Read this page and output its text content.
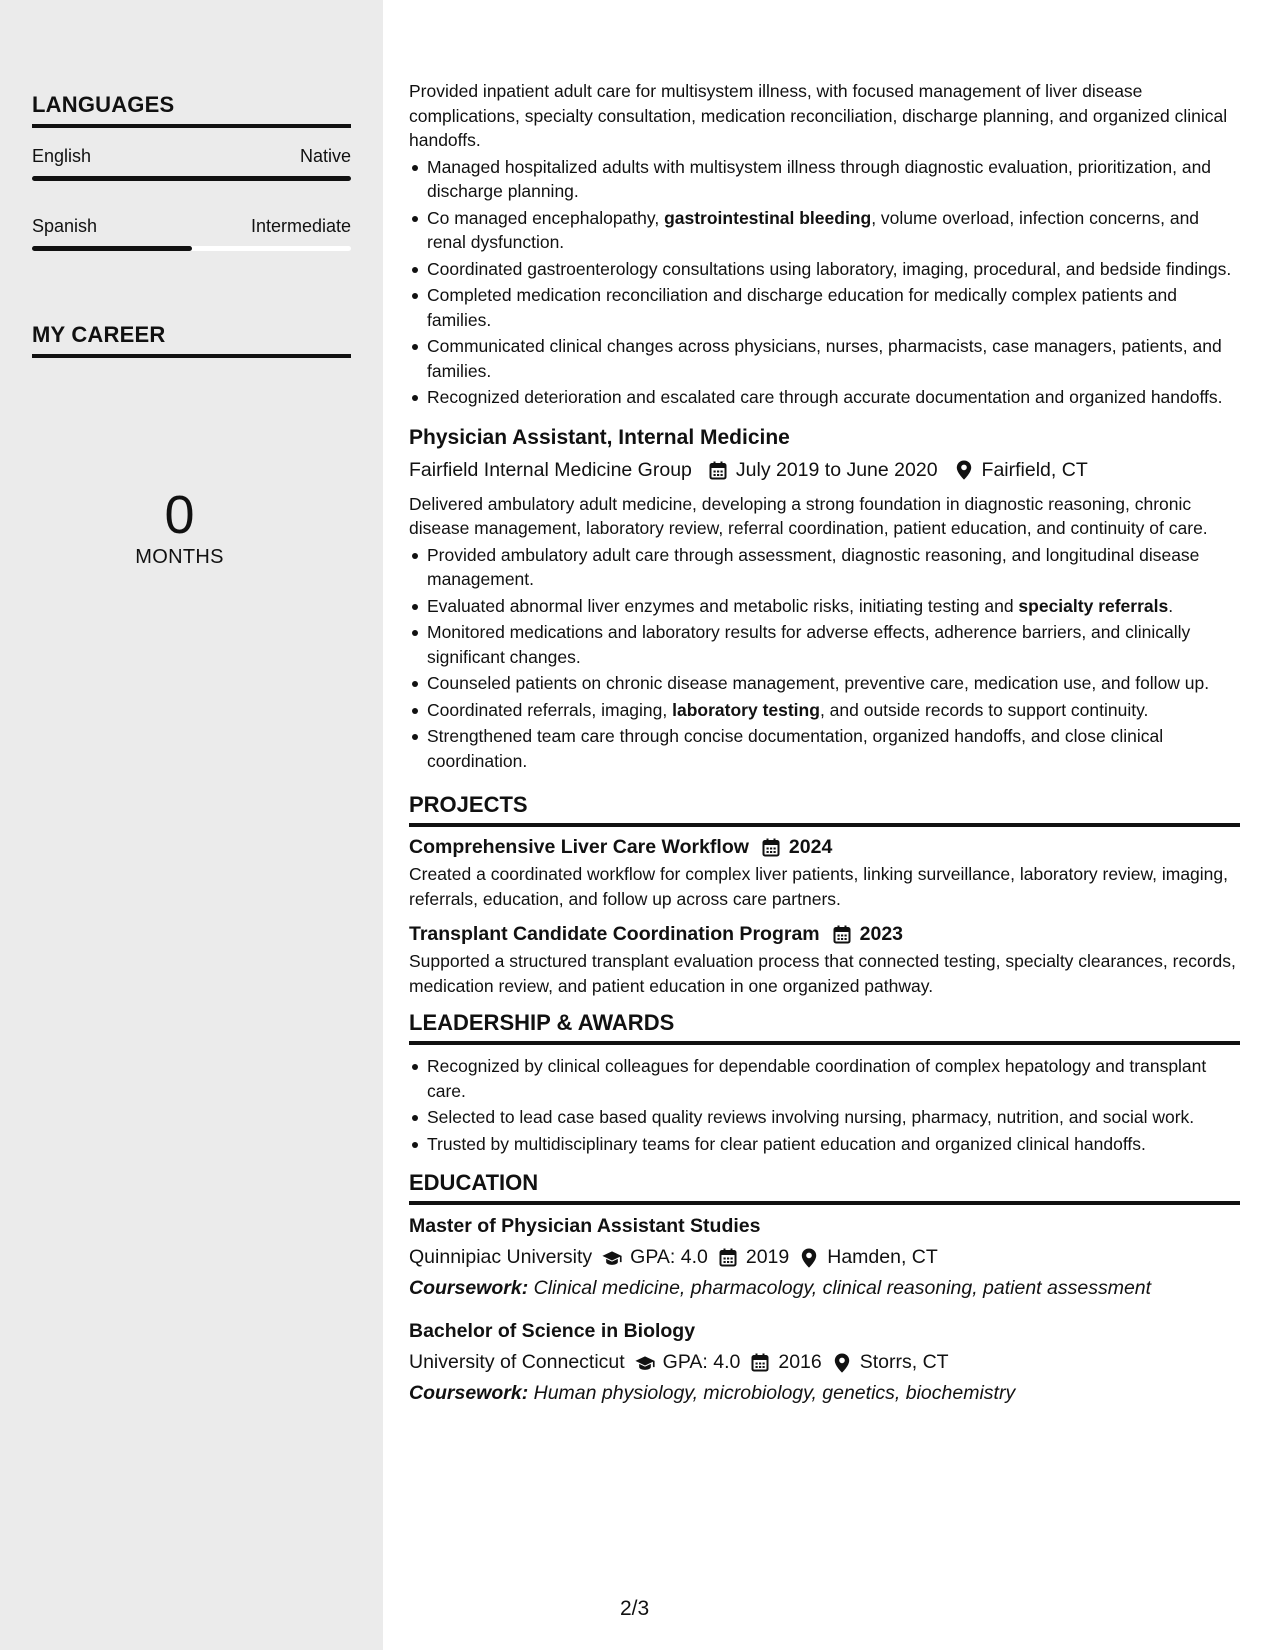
LANGUAGES
English	Native
Spanish	Intermediate
MY CAREER
0
MONTHS
Provided inpatient adult care for multisystem illness, with focused management of liver disease complications, specialty consultation, medication reconciliation, discharge planning, and organized clinical handoffs.
Managed hospitalized adults with multisystem illness through diagnostic evaluation, prioritization, and discharge planning.
Co managed encephalopathy, gastrointestinal bleeding, volume overload, infection concerns, and renal dysfunction.
Coordinated gastroenterology consultations using laboratory, imaging, procedural, and bedside findings.
Completed medication reconciliation and discharge education for medically complex patients and families.
Communicated clinical changes across physicians, nurses, pharmacists, case managers, patients, and families.
Recognized deterioration and escalated care through accurate documentation and organized handoffs.
Physician Assistant, Internal Medicine
Fairfield Internal Medicine Group July 2019 to June 2020 Fairfield, CT
Delivered ambulatory adult medicine, developing a strong foundation in diagnostic reasoning, chronic disease management, laboratory review, referral coordination, patient education, and continuity of care.
Provided ambulatory adult care through assessment, diagnostic reasoning, and longitudinal disease management.
Evaluated abnormal liver enzymes and metabolic risks, initiating testing and specialty referrals.
Monitored medications and laboratory results for adverse effects, adherence barriers, and clinically significant changes.
Counseled patients on chronic disease management, preventive care, medication use, and follow up.
Coordinated referrals, imaging, laboratory testing, and outside records to support continuity.
Strengthened team care through concise documentation, organized handoffs, and close clinical coordination.
PROJECTS
Comprehensive Liver Care Workflow 2024
Created a coordinated workflow for complex liver patients, linking surveillance, laboratory review, imaging, referrals, education, and follow up across care partners.
Transplant Candidate Coordination Program 2023
Supported a structured transplant evaluation process that connected testing, specialty clearances, records, medication review, and patient education in one organized pathway.
LEADERSHIP & AWARDS
Recognized by clinical colleagues for dependable coordination of complex hepatology and transplant care.
Selected to lead case based quality reviews involving nursing, pharmacy, nutrition, and social work.
Trusted by multidisciplinary teams for clear patient education and organized clinical handoffs.
EDUCATION
Master of Physician Assistant Studies
Quinnipiac University GPA: 4.0 2019 Hamden, CT
Coursework: Clinical medicine, pharmacology, clinical reasoning, patient assessment
Bachelor of Science in Biology
University of Connecticut GPA: 4.0 2016 Storrs, CT
Coursework: Human physiology, microbiology, genetics, biochemistry
2/3
